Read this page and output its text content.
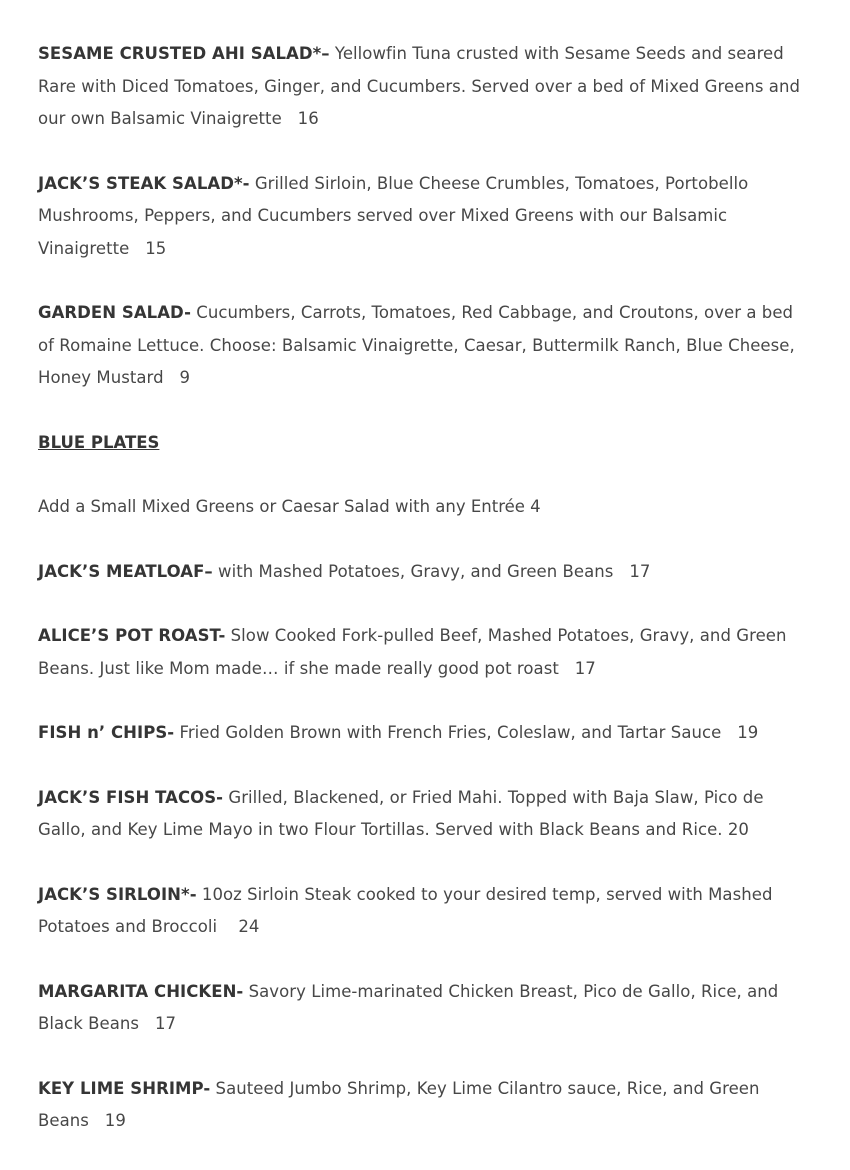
SESAME CRUSTED AHI SALAD*– Yellowfin Tuna crusted with Sesame Seeds and seared Rare with Diced Tomatoes, Ginger, and Cucumbers. Served over a bed of Mixed Greens and our own Balsamic Vinaigrette   16
JACK’S STEAK SALAD*- Grilled Sirloin, Blue Cheese Crumbles, Tomatoes, Portobello Mushrooms, Peppers, and Cucumbers served over Mixed Greens with our Balsamic Vinaigrette   15
GARDEN SALAD- Cucumbers, Carrots, Tomatoes, Red Cabbage, and Croutons, over a bed of Romaine Lettuce. Choose: Balsamic Vinaigrette, Caesar, Buttermilk Ranch, Blue Cheese, Honey Mustard   9
BLUE PLATES
Add a Small Mixed Greens or Caesar Salad with any Entrée 4
JACK’S MEATLOAF– with Mashed Potatoes, Gravy, and Green Beans   17
ALICE’S POT ROAST- Slow Cooked Fork-pulled Beef, Mashed Potatoes, Gravy, and Green Beans. Just like Mom made… if she made really good pot roast   17
FISH n’ CHIPS- Fried Golden Brown with French Fries, Coleslaw, and Tartar Sauce   19
JACK’S FISH TACOS- Grilled, Blackened, or Fried Mahi. Topped with Baja Slaw, Pico de Gallo, and Key Lime Mayo in two Flour Tortillas. Served with Black Beans and Rice. 20
JACK’S SIRLOIN*- 10oz Sirloin Steak cooked to your desired temp, served with Mashed Potatoes and Broccoli    24
MARGARITA CHICKEN- Savory Lime-marinated Chicken Breast, Pico de Gallo, Rice, and Black Beans   17
KEY LIME SHRIMP- Sauteed Jumbo Shrimp, Key Lime Cilantro sauce, Rice, and Green Beans   19
